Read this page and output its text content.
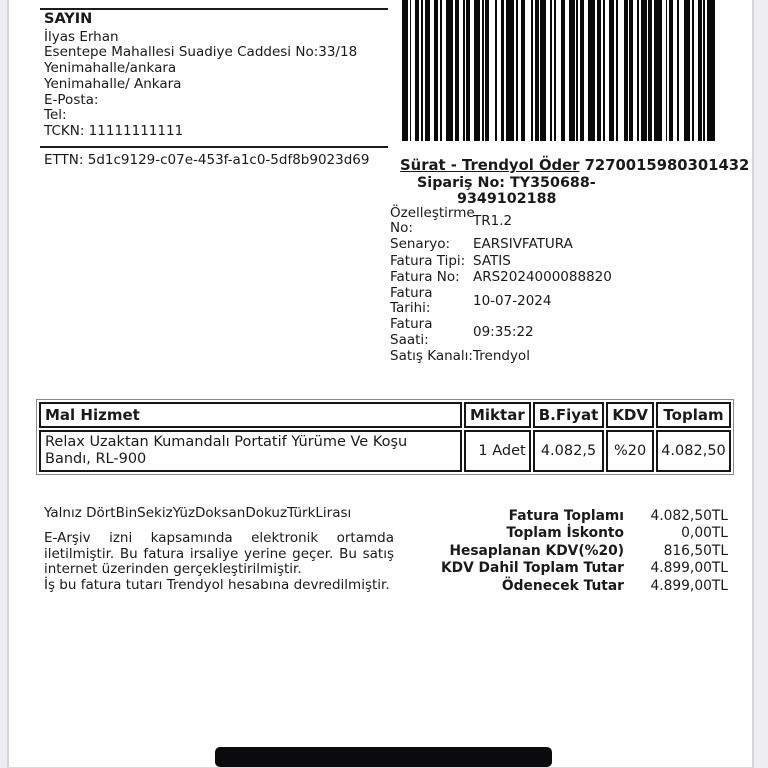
SAYIN
İlyas Erhan
Esentepe Mahallesi Suadiye Caddesi No:33/18
Yenimahalle/ankara
Yenimahalle/ Ankara
E-Posta:
Tel:
TCKN: 11111111111
ETTN: 5d1c9129-c07e-453f-a1c0-5df8b9023d69 Sürat - Trendyol Öder 7270015980301432
Sipariş No: TY350688-
9349102188
Özelleştirme No:	TR1.2
Senaryo:	EARSIVFATURA
Fatura Tipi: SATIS
Fatura No: ARS2024000088820
Fatura Tarihi:	10-07-2024
Fatura Saati:	09:35:22
Satış Kanalı: Trendyol
Mal Hizmet	Miktar	B.Fiyat	KDV	Toplam
Relax Uzaktan Kumandalı Portatif Yürüme Ve Koşu Bandı, RL-900	1 Adet	4.082,5	%20	4.082,50
Yalnız DörtBinSekizYüzDoksanDokuzTürkLirası

E-Arşiv izni kapsamında elektronik ortamda iletilmiştir. Bu fatura irsaliye yerine geçer. Bu satış internet üzerinden gerçekleştirilmiştir.

İş bu fatura tutarı Trendyol hesabına devredilmiştir.

Fatura Toplamı	4.082,50TL
Toplam İskonto	0,00TL
Hesaplanan KDV(%20)	816,50TL
KDV Dahil Toplam Tutar	4.899,00TL
Ödenecek Tutar	4.899,00TL
